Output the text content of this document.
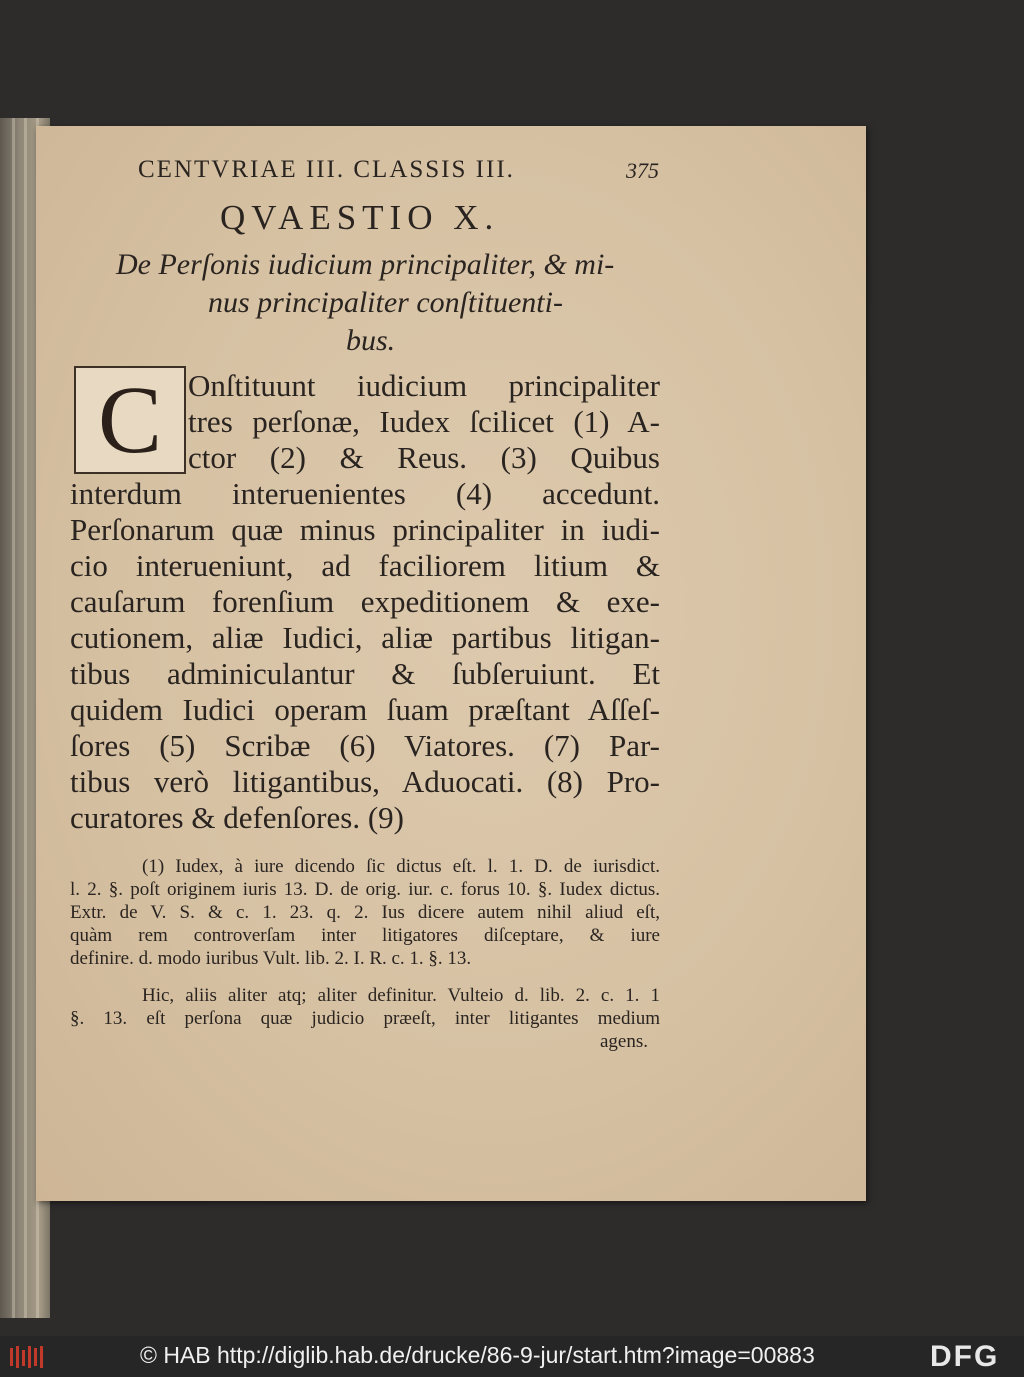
CENTVRIAE III. CLASSIS III.	375
QVAESTIO X.
De Perſonis iudicium principaliter, & mi-
nus principaliter conſtituenti-
bus.
C Onſtituunt iudicium principaliter
tres perſonæ, Iudex ſcilicet (1) A-
ctor (2) & Reus. (3) Quibus
interdum interuenientes (4) accedunt.
Perſonarum quæ minus principaliter in iudi-
cio interueniunt, ad faciliorem litium &
cauſarum forenſium expeditionem & exe-
cutionem, aliæ Iudici, aliæ partibus litigan-
tibus adminiculantur & ſubſeruiunt. Et
quidem Iudici operam ſuam præſtant Aſſeſ-
ſores (5) Scribæ (6) Viatores. (7) Par-
tibus verò litigantibus, Aduocati. (8) Pro-
curatores & defenſores. (9)
(1) Iudex, à iure dicendo ſic dictus eſt. l. 1. D. de iurisdict.
l. 2. §. poſt originem iuris 13. D. de orig. iur. c. forus 10. §. Iudex dictus.
Extr. de V. S. & c. 1. 23. q. 2. Ius dicere autem nihil aliud eſt,
quàm rem controverſam inter litigatores diſceptare, & iure
definire. d. modo iuribus Vult. lib. 2. I. R. c. 1. §. 13.
Hic, aliis aliter atq; aliter definitur. Vulteio d. lib. 2. c. 1. 1
§. 13. eſt perſona quæ judicio præeſt, inter litigantes medium
agens.
© HAB http://diglib.hab.de/drucke/86-9-jur/start.htm?image=00883	DFG
